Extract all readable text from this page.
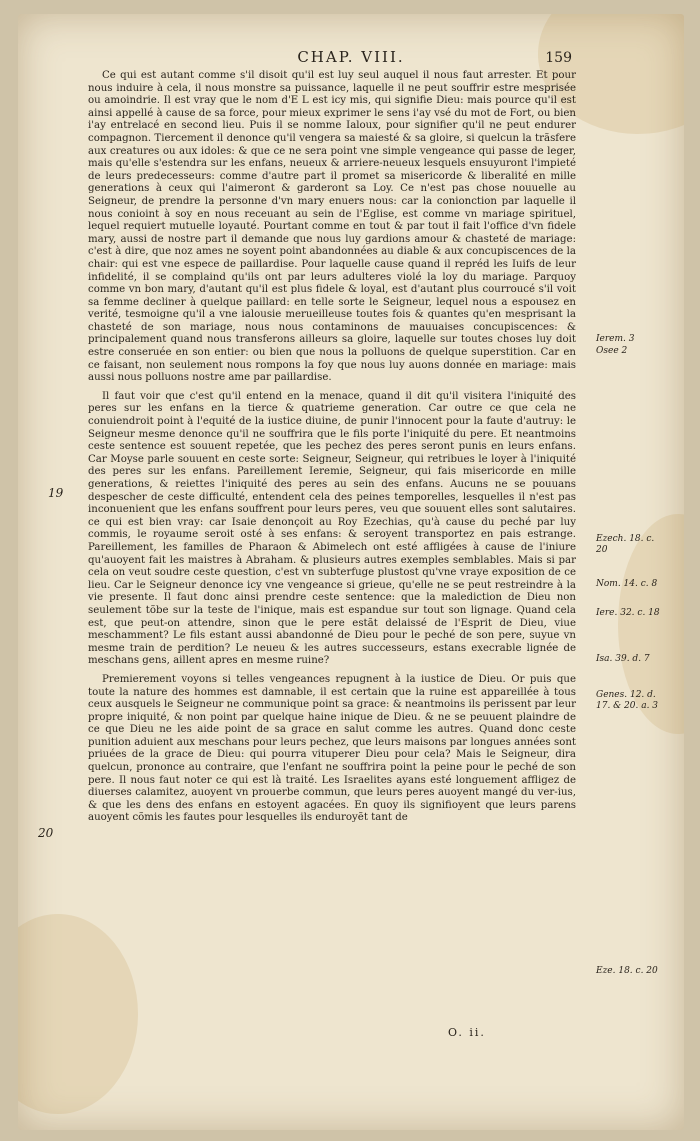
CHAP. VIII.	159
19
20

Ce qui est autant comme s'il disoit qu'il est luy seul auquel il nous faut arrester. Et pour nous induire à cela, il nous monstre sa puissance, laquelle il ne peut souffrir estre mesprisée ou amoindrie. Il est vray que le nom d'E L est icy mis, qui signifie Dieu: mais pource qu'il est ainsi appellé à cause de sa force, pour mieux exprimer le sens i'ay vsé du mot de Fort, ou bien i'ay entrelacé en second lieu. Puis il se nomme Ialoux, pour signifier qu'il ne peut endurer compagnon. Tiercement il denonce qu'il vengera sa maiesté & sa gloire, si quelcun la trãsfere aux creatures ou aux idoles: & que ce ne sera point vne simple vengeance qui passe de leger, mais qu'elle s'estendra sur les enfans, neueux & arriere-neueux lesquels ensuyuront l'impieté de leurs predecesseurs: comme d'autre part il promet sa misericorde & liberalité en mille generations à ceux qui l'aimeront & garderont sa Loy. Ce n'est pas chose nouuelle au Seigneur, de prendre la personne d'vn mary enuers nous: car la conionction par laquelle il nous conioint à soy en nous receuant au sein de l'Eglise, est comme vn mariage spirituel, lequel requiert mutuelle loyauté. Pourtant comme en tout & par tout il fait l'office d'vn fidele mary, aussi de nostre part il demande que nous luy gardions amour & chasteté de mariage: c'est à dire, que noz ames ne soyent point abandonnées au diable & aux concupiscences de la chair: qui est vne espece de paillardise. Pour laquelle cause quand il repréd les Iuifs de leur infidelité, il se complaind qu'ils ont par leurs adulteres violé la loy du mariage. Parquoy comme vn bon mary, d'autant qu'il est plus fidele & loyal, est d'autant plus courroucé s'il voit sa femme decliner à quelque paillard: en telle sorte le Seigneur, lequel nous a espousez en verité, tesmoigne qu'il a vne ialousie merueilleuse toutes fois & quantes qu'en mesprisant la chasteté de son mariage, nous nous contaminons de mauuaises concupiscences: & principalement quand nous transferons ailleurs sa gloire, laquelle sur toutes choses luy doit estre conseruée en son entier: ou bien que nous la polluons de quelque superstition. Car en ce faisant, non seulement nous rompons la foy que nous luy auons donnée en mariage: mais aussi nous polluons nostre ame par paillardise.

Il faut voir que c'est qu'il entend en la menace, quand il dit qu'il visitera l'iniquité des peres sur les enfans en la tierce & quatrieme generation. Car outre ce que cela ne conuiendroit point à l'equité de la iustice diuine, de punir l'innocent pour la faute d'autruy: le Seigneur mesme denonce qu'il ne souffrira que le fils porte l'iniquité du pere. Et neantmoins ceste sentence est souuent repetée, que les pechez des peres seront punis en leurs enfans. Car Moyse parle souuent en ceste sorte: Seigneur, Seigneur, qui retribues le loyer à l'iniquité des peres sur les enfans. Pareillement Ieremie, Seigneur, qui fais misericorde en mille generations, & reiettes l'iniquité des peres au sein des enfans. Aucuns ne se pouuans despescher de ceste difficulté, entendent cela des peines temporelles, lesquelles il n'est pas inconuenient que les enfans souffrent pour leurs peres, veu que souuent elles sont salutaires. ce qui est bien vray: car Isaie denonçoit au Roy Ezechias, qu'à cause du peché par luy commis, le royaume seroit osté à ses enfans: & seroyent transportez en pais estrange. Pareillement, les familles de Pharaon & Abimelech ont esté affligées à cause de l'iniure qu'auoyent fait les maistres à Abraham. & plusieurs autres exemples semblables. Mais si par cela on veut soudre ceste question, c'est vn subterfuge plustost qu'vne vraye exposition de ce lieu. Car le Seigneur denonce icy vne vengeance si grieue, qu'elle ne se peut restreindre à la vie presente. Il faut donc ainsi prendre ceste sentence: que la malediction de Dieu non seulement tõbe sur la teste de l'inique, mais est espandue sur tout son lignage. Quand cela est, que peut-on attendre, sinon que le pere estãt delaissé de l'Esprit de Dieu, viue meschamment? Le fils estant aussi abandonné de Dieu pour le peché de son pere, suyue vn mesme train de perdition? Le neueu & les autres successeurs, estans execrable lignée de meschans gens, aillent apres en mesme ruine?

Premierement voyons si telles vengeances repugnent à la iustice de Dieu. Or puis que toute la nature des hommes est damnable, il est certain que la ruine est appareillée à tous ceux ausquels le Seigneur ne communique point sa grace: & neantmoins ils perissent par leur propre iniquité, & non point par quelque haine inique de Dieu. & ne se peuuent plaindre de ce que Dieu ne les aide point de sa grace en salut comme les autres. Quand donc ceste punition aduient aux meschans pour leurs pechez, que leurs maisons par longues années sont priuées de la grace de Dieu: qui pourra vituperer Dieu pour cela? Mais le Seigneur, dira quelcun, prononce au contraire, que l'enfant ne souffrira point la peine pour le peché de son pere. Il nous faut noter ce qui est là traité. Les Israelites ayans esté longuement affligez de diuerses calamitez, auoyent vn prouerbe commun, que leurs peres auoyent mangé du ver-ius, & que les dens des enfans en estoyent agacées. En quoy ils signifioyent que leurs parens auoyent cõmis les fautes pour lesquelles ils enduroyẽt tant de

Ierem. 3
Osee 2
Ezech. 18. c. 20
Nom. 14. c. 8
Iere. 32. c. 18
Isa. 39. d. 7
Genes. 12. d. 17. & 20. a. 3
Eze. 18. c. 20
O. ii.
